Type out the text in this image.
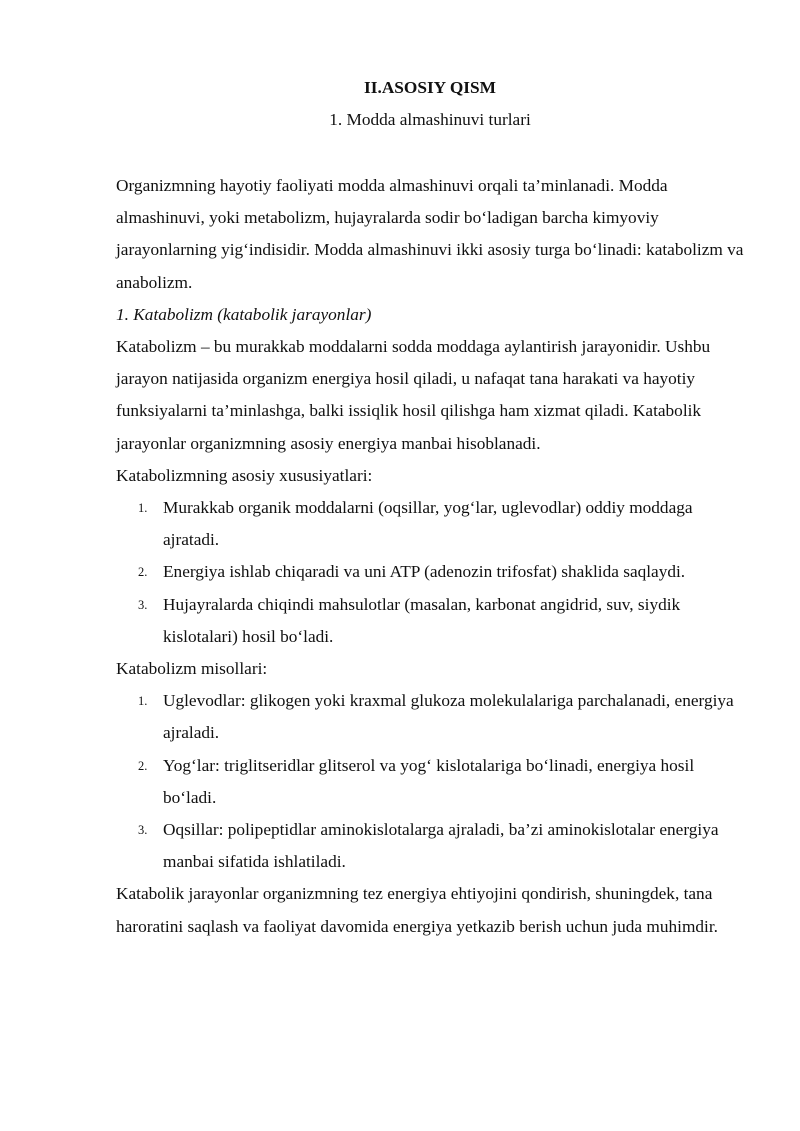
II.ASOSIY QISM

1. Modda almashinuvi turlari

Organizmning hayotiy faoliyati modda almashinuvi orqali ta’minlanadi. Modda almashinuvi, yoki metabolizm, hujayralarda sodir bo‘ladigan barcha kimyoviy jarayonlarning yig‘indisidir. Modda almashinuvi ikki asosiy turga bo‘linadi: katabolizm va anabolizm.

1. Katabolizm (katabolik jarayonlar)

Katabolizm – bu murakkab moddalarni sodda moddaga aylantirish jarayonidir. Ushbu jarayon natijasida organizm energiya hosil qiladi, u nafaqat tana harakati va hayotiy funksiyalarni ta’minlashga, balki issiqlik hosil qilishga ham xizmat qiladi. Katabolik jarayonlar organizmning asosiy energiya manbai hisoblanadi.

Katabolizmning asosiy xususiyatlari:

1. Murakkab organik moddalarni (oqsillar, yog‘lar, uglevodlar) oddiy moddaga ajratadi.
2. Energiya ishlab chiqaradi va uni ATP (adenozin trifosfat) shaklida saqlaydi.
3. Hujayralarda chiqindi mahsulotlar (masalan, karbonat angidrid, suv, siydik kislotalari) hosil bo‘ladi.

Katabolizm misollari:

1. Uglevodlar: glikogen yoki kraxmal glukoza molekulalariga parchalanadi, energiya ajraladi.
2. Yog‘lar: triglitseridlar glitserol va yog‘ kislotalariga bo‘linadi, energiya hosil bo‘ladi.
3. Oqsillar: polipeptidlar aminokislotalarga ajraladi, ba’zi aminokislotalar energiya manbai sifatida ishlatiladi.

Katabolik jarayonlar organizmning tez energiya ehtiyojini qondirish, shuningdek, tana haroratini saqlash va faoliyat davomida energiya yetkazib berish uchun juda muhimdir.
